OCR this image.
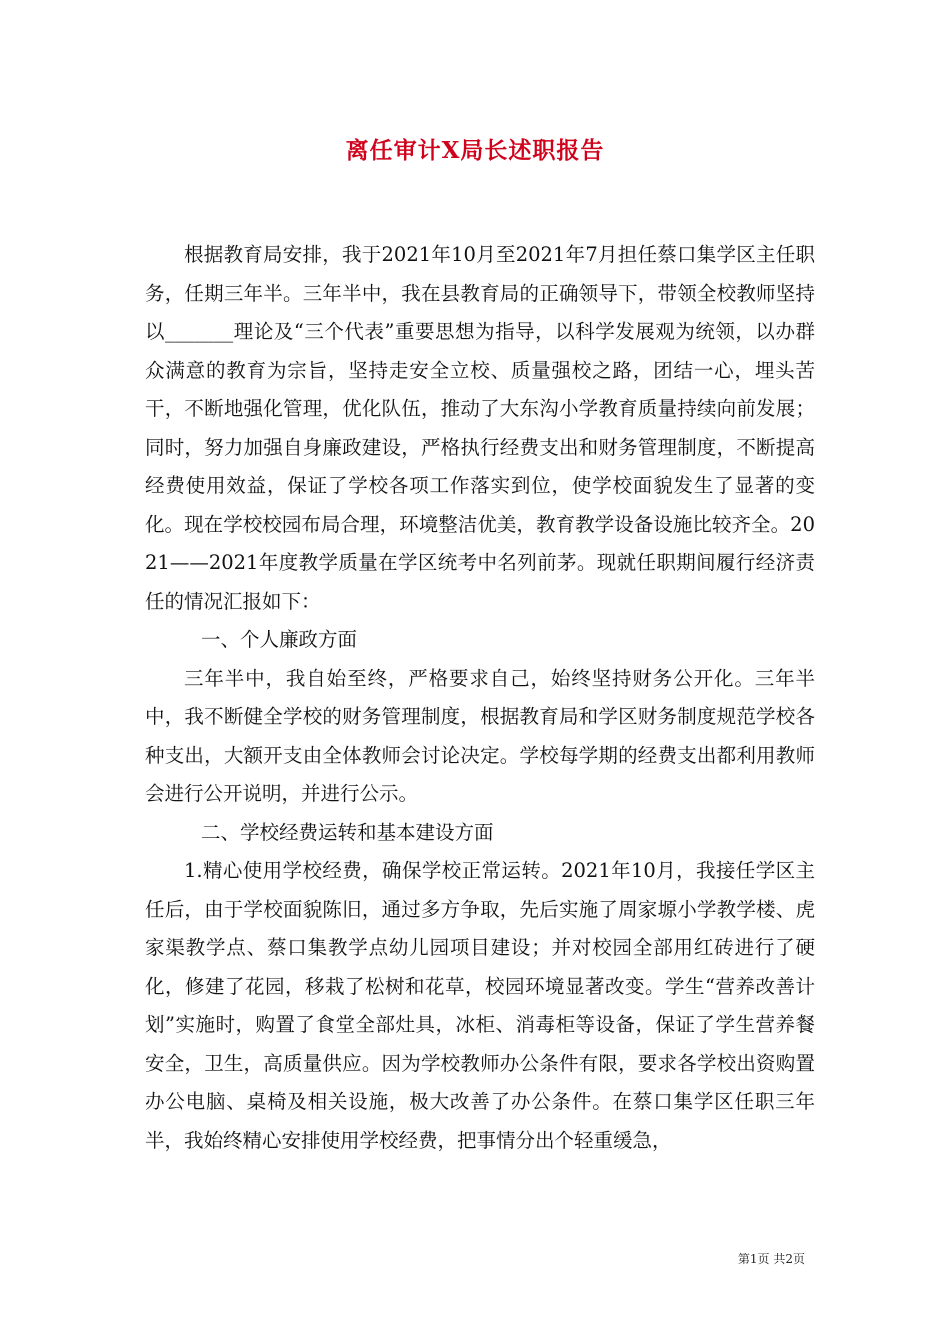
离任审计X局长述职报告

根据教育局安排，我于2021年10月至2021年7月担任蔡口集学区主任职务，任期三年半。三年半中，我在县教育局的正确领导下，带领全校教师坚持以_______理论及“三个代表”重要思想为指导，以科学发展观为统领，以办群众满意的教育为宗旨，坚持走安全立校、质量强校之路，团结一心，埋头苦干，不断地强化管理，优化队伍，推动了大东沟小学教育质量持续向前发展；同时，努力加强自身廉政建设，严格执行经费支出和财务管理制度，不断提高经费使用效益，保证了学校各项工作落实到位，使学校面貌发生了显著的变化。现在学校校园布局合理，环境整洁优美，教育教学设备设施比较齐全。2021——2021年度教学质量在学区统考中名列前茅。现就任职期间履行经济责任的情况汇报如下：

一、个人廉政方面

三年半中，我自始至终，严格要求自己，始终坚持财务公开化。三年半中，我不断健全学校的财务管理制度，根据教育局和学区财务制度规范学校各种支出，大额开支由全体教师会讨论决定。学校每学期的经费支出都利用教师会进行公开说明，并进行公示。

二、学校经费运转和基本建设方面

1.精心使用学校经费，确保学校正常运转。2021年10月，我接任学区主任后，由于学校面貌陈旧，通过多方争取，先后实施了周家塬小学教学楼、虎家渠教学点、蔡口集教学点幼儿园项目建设；并对校园全部用红砖进行了硬化，修建了花园，移栽了松树和花草，校园环境显著改变。学生“营养改善计划”实施时，购置了食堂全部灶具，冰柜、消毒柜等设备，保证了学生营养餐安全，卫生，高质量供应。因为学校教师办公条件有限，要求各学校出资购置办公电脑、桌椅及相关设施，极大改善了办公条件。在蔡口集学区任职三年半，我始终精心安排使用学校经费，把事情分出个轻重缓急，

第1页 共2页
